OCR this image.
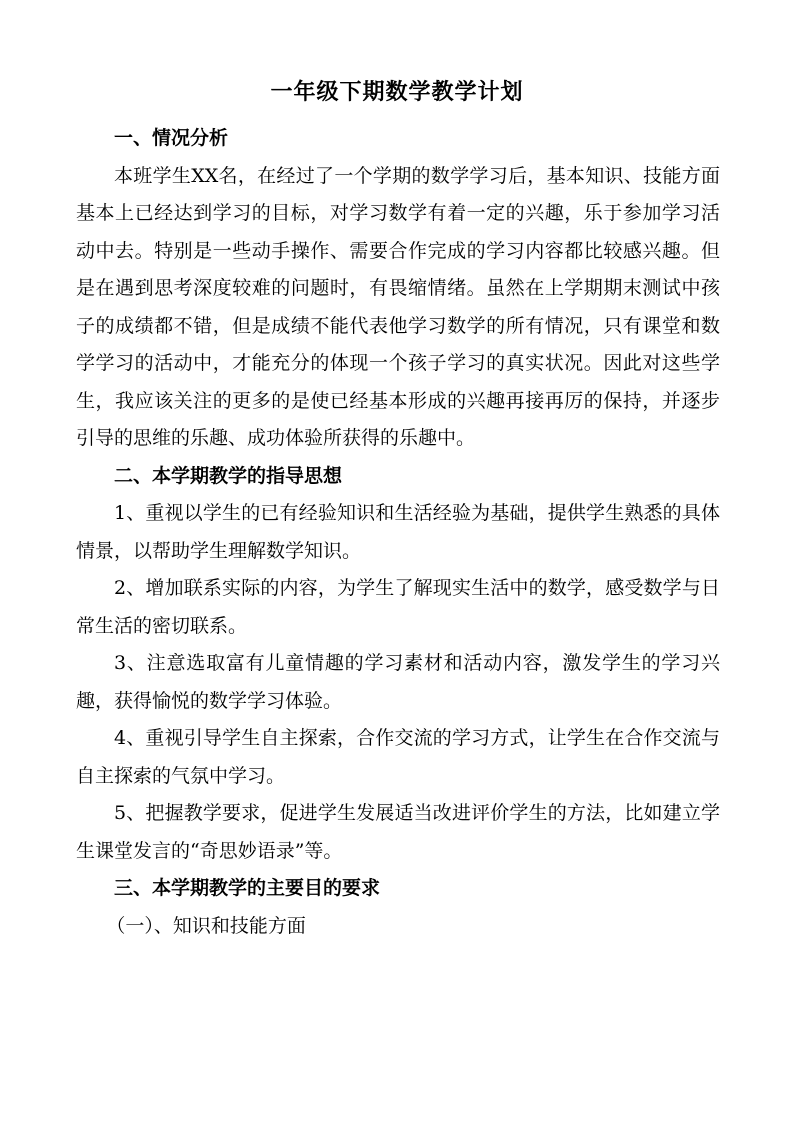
一年级下期数学教学计划

一、情况分析

本班学生XX名，在经过了一个学期的数学学习后，基本知识、技能方面基本上已经达到学习的目标，对学习数学有着一定的兴趣，乐于参加学习活动中去。特别是一些动手操作、需要合作完成的学习内容都比较感兴趣。但是在遇到思考深度较难的问题时，有畏缩情绪。虽然在上学期期末测试中孩子的成绩都不错，但是成绩不能代表他学习数学的所有情况，只有课堂和数学学习的活动中，才能充分的体现一个孩子学习的真实状况。因此对这些学生，我应该关注的更多的是使已经基本形成的兴趣再接再厉的保持，并逐步引导的思维的乐趣、成功体验所获得的乐趣中。

二、本学期教学的指导思想

1、重视以学生的已有经验知识和生活经验为基础，提供学生熟悉的具体情景，以帮助学生理解数学知识。

2、增加联系实际的内容，为学生了解现实生活中的数学，感受数学与日常生活的密切联系。

3、注意选取富有儿童情趣的学习素材和活动内容，激发学生的学习兴趣，获得愉悦的数学学习体验。

4、重视引导学生自主探索，合作交流的学习方式，让学生在合作交流与自主探索的气氛中学习。

5、把握教学要求，促进学生发展适当改进评价学生的方法，比如建立学生课堂发言的“奇思妙语录”等。

三、本学期教学的主要目的要求

（一）、知识和技能方面
